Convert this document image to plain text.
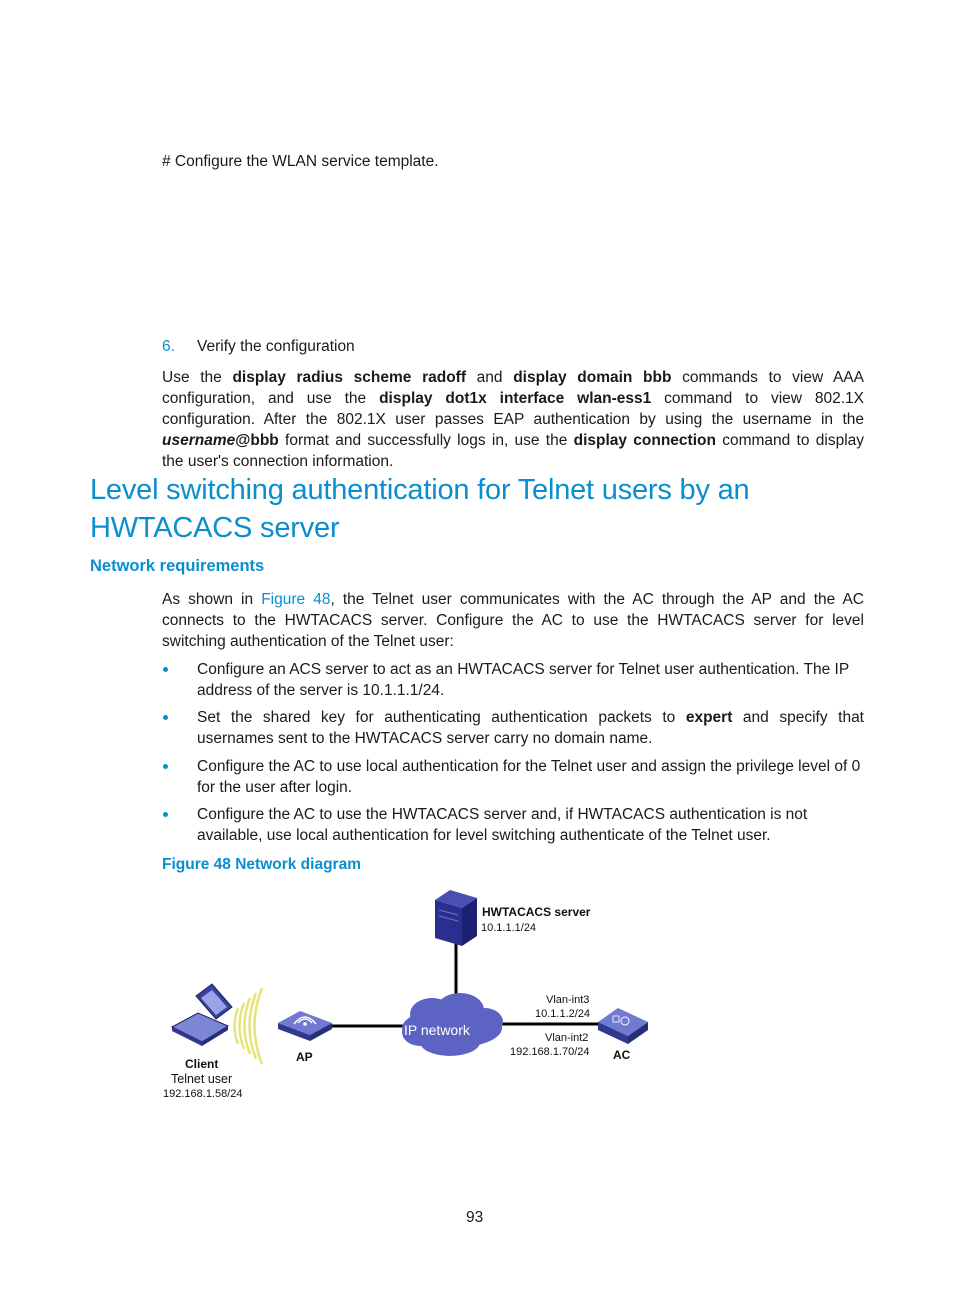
# Configure the WLAN service template.
6. Verify the configuration
Use the display radius scheme radoff and display domain bbb commands to view AAA configuration, and use the display dot1x interface wlan-ess1 command to view 802.1X configuration. After the 802.1X user passes EAP authentication by using the username in the username@bbb format and successfully logs in, use the display connection command to display the user's connection information.
Level switching authentication for Telnet users by an
HWTACACS server
Network requirements
As shown in Figure 48, the Telnet user communicates with the AC through the AP and the AC connects to the HWTACACS server. Configure the AC to use the HWTACACS server for level switching authentication of the Telnet user:
Configure an ACS server to act as an HWTACACS server for Telnet user authentication. The IP address of the server is 10.1.1.1/24.
Set the shared key for authenticating authentication packets to expert and specify that usernames sent to the HWTACACS server carry no domain name.
Configure the AC to use local authentication for the Telnet user and assign the privilege level of 0 for the user after login.
Configure the AC to use the HWTACACS server and, if HWTACACS authentication is not available, use local authentication for level switching authenticate of the Telnet user.
Figure 48 Network diagram
HWTACACS server
10.1.1.1/24
IP network
Vlan-int3
10.1.1.2/24
Vlan-int2
192.168.1.70/24 AC
AP
Client
Telnet user
192.168.1.58/24
93
